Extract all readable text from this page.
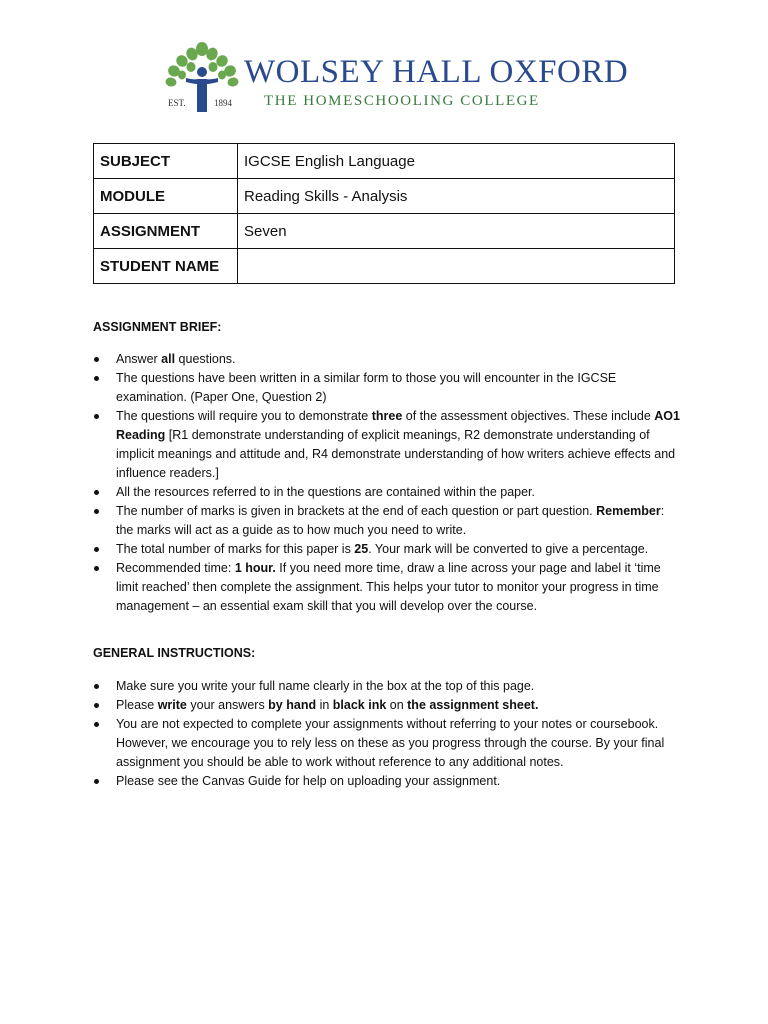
WOLSEY HALL OXFORD
THE HOMESCHOOLING COLLEGE
EST.	1894
SUBJECT	IGCSE English Language
MODULE	Reading Skills - Analysis
ASSIGNMENT	Seven
STUDENT NAME	
ASSIGNMENT BRIEF:
Answer all questions.
The questions have been written in a similar form to those you will encounter in the IGCSE examination. (Paper One, Question 2)
The questions will require you to demonstrate three of the assessment objectives. These include AO1 Reading [R1 demonstrate understanding of explicit meanings, R2 demonstrate understanding of implicit meanings and attitude and, R4 demonstrate understanding of how writers achieve effects and influence readers.]
All the resources referred to in the questions are contained within the paper.
The number of marks is given in brackets at the end of each question or part question. Remember: the marks will act as a guide as to how much you need to write.
The total number of marks for this paper is 25. Your mark will be converted to give a percentage.
Recommended time: 1 hour. If you need more time, draw a line across your page and label it ‘time limit reached’ then complete the assignment. This helps your tutor to monitor your progress in time management – an essential exam skill that you will develop over the course.
GENERAL INSTRUCTIONS:
Make sure you write your full name clearly in the box at the top of this page.
Please write your answers by hand in black ink on the assignment sheet.
You are not expected to complete your assignments without referring to your notes or coursebook. However, we encourage you to rely less on these as you progress through the course. By your final assignment you should be able to work without reference to any additional notes.
Please see the Canvas Guide for help on uploading your assignment.
